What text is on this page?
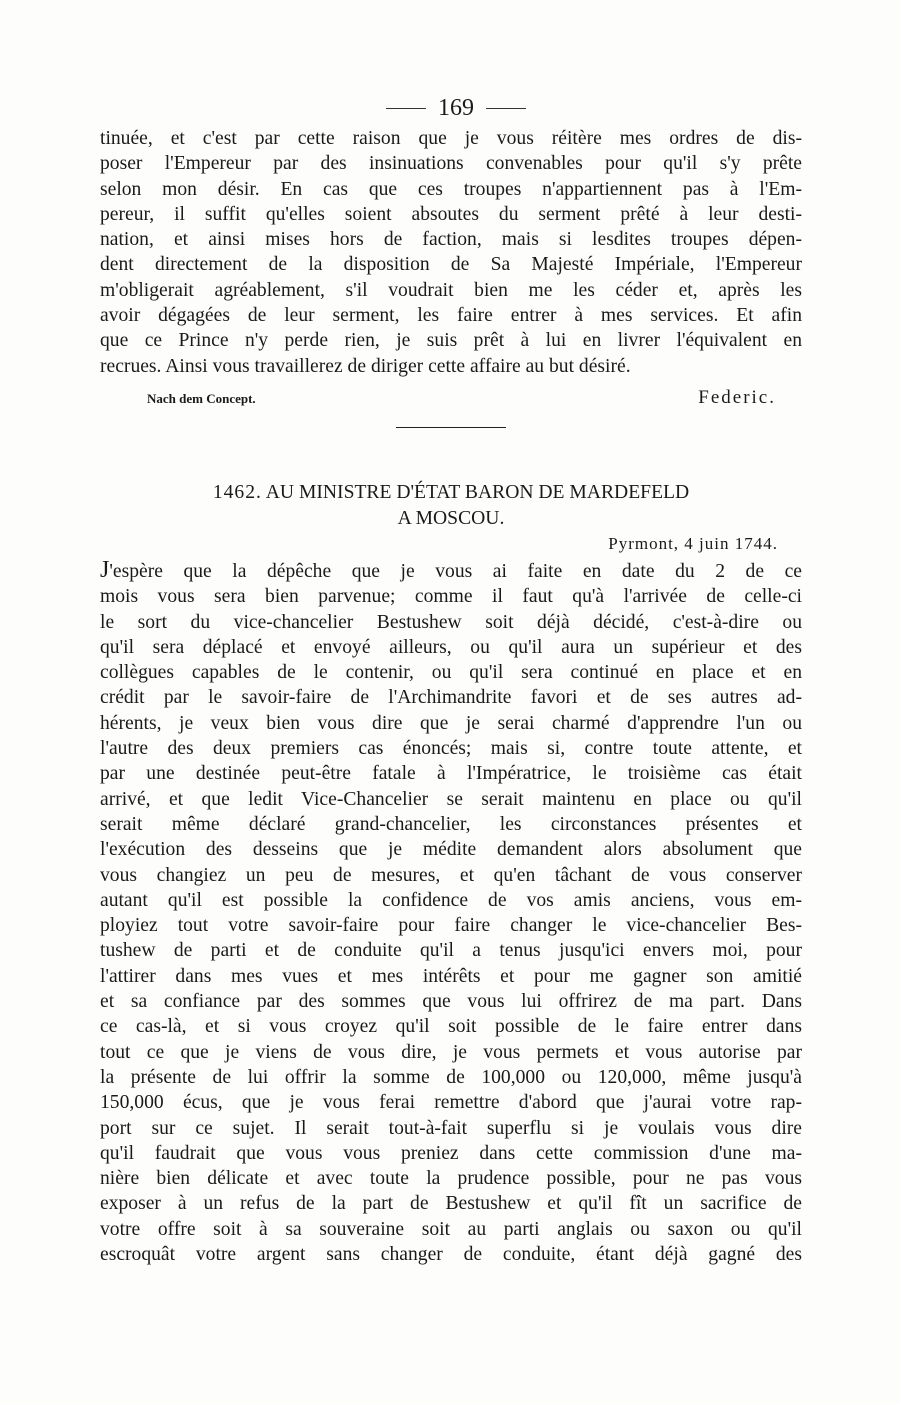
169

tinuée, et c'est par cette raison que je vous réitère mes ordres de dis-
poser l'Empereur par des insinuations convenables pour qu'il s'y prête
selon mon désir. En cas que ces troupes n'appartiennent pas à l'Em-
pereur, il suffit qu'elles soient absoutes du serment prêté à leur desti-
nation, et ainsi mises hors de faction, mais si lesdites troupes dépen-
dent directement de la disposition de Sa Majesté Impériale, l'Empereur
m'obligerait agréablement, s'il voudrait bien me les céder et, après les
avoir dégagées de leur serment, les faire entrer à mes services. Et afin
que ce Prince n'y perde rien, je suis prêt à lui en livrer l'équivalent en
recrues. Ainsi vous travaillerez de diriger cette affaire au but désiré.

Nach dem Concept.	Federic.
1462. AU MINISTRE D'ÉTAT BARON DE MARDEFELD
A MOSCOU.
Pyrmont, 4 juin 1744.

J'espère que la dépêche que je vous ai faite en date du 2 de ce
mois vous sera bien parvenue; comme il faut qu'à l'arrivée de celle-ci
le sort du vice-chancelier Bestushew soit déjà décidé, c'est-à-dire ou
qu'il sera déplacé et envoyé ailleurs, ou qu'il aura un supérieur et des
collègues capables de le contenir, ou qu'il sera continué en place et en
crédit par le savoir-faire de l'Archimandrite favori et de ses autres ad-
hérents, je veux bien vous dire que je serai charmé d'apprendre l'un ou
l'autre des deux premiers cas énoncés; mais si, contre toute attente, et
par une destinée peut-être fatale à l'Impératrice, le troisième cas était
arrivé, et que ledit Vice-Chancelier se serait maintenu en place ou qu'il
serait même déclaré grand-chancelier, les circonstances présentes et
l'exécution des desseins que je médite demandent alors absolument que
vous changiez un peu de mesures, et qu'en tâchant de vous conserver
autant qu'il est possible la confidence de vos amis anciens, vous em-
ployiez tout votre savoir-faire pour faire changer le vice-chancelier Bes-
tushew de parti et de conduite qu'il a tenus jusqu'ici envers moi, pour
l'attirer dans mes vues et mes intérêts et pour me gagner son amitié
et sa confiance par des sommes que vous lui offrirez de ma part. Dans
ce cas-là, et si vous croyez qu'il soit possible de le faire entrer dans
tout ce que je viens de vous dire, je vous permets et vous autorise par
la présente de lui offrir la somme de 100,000 ou 120,000, même jusqu'à
150,000 écus, que je vous ferai remettre d'abord que j'aurai votre rap-
port sur ce sujet. Il serait tout-à-fait superflu si je voulais vous dire
qu'il faudrait que vous vous preniez dans cette commission d'une ma-
nière bien délicate et avec toute la prudence possible, pour ne pas vous
exposer à un refus de la part de Bestushew et qu'il fît un sacrifice de
votre offre soit à sa souveraine soit au parti anglais ou saxon ou qu'il
escroquât votre argent sans changer de conduite, étant déjà gagné des
